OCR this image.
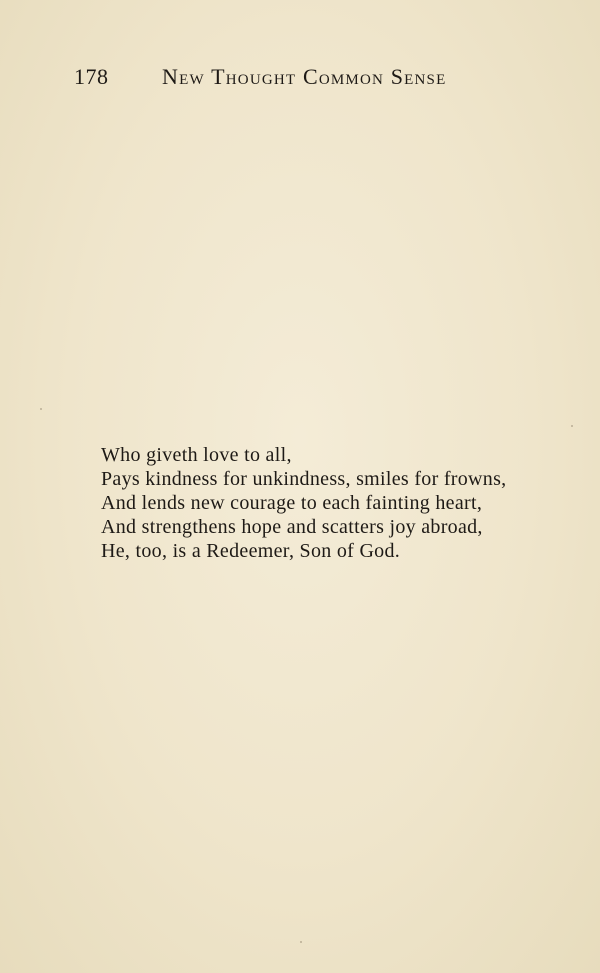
178 New Thought Common Sense
Who giveth love to all,
Pays kindness for unkindness, smiles for frowns,
And lends new courage to each fainting heart,
And strengthens hope and scatters joy abroad,
He, too, is a Redeemer, Son of God.
